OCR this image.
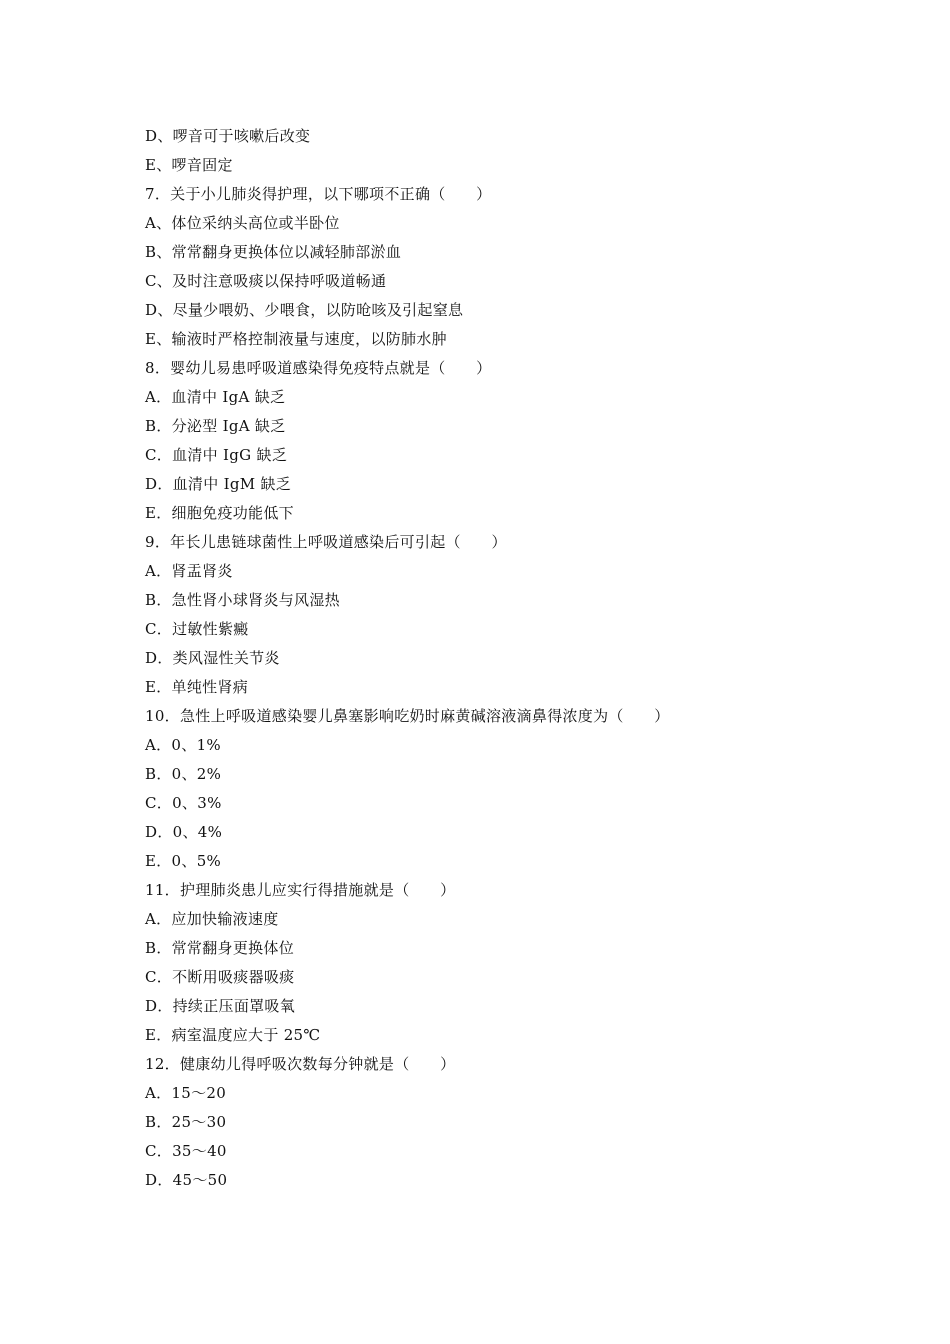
D、啰音可于咳嗽后改变
E、啰音固定
7．关于小儿肺炎得护理，以下哪项不正确（　　）
A、体位采纳头高位或半卧位
B、常常翻身更换体位以减轻肺部淤血
C、及时注意吸痰以保持呼吸道畅通
D、尽量少喂奶、少喂食，以防呛咳及引起窒息
E、输液时严格控制液量与速度，以防肺水肿
8．婴幼儿易患呼吸道感染得免疫特点就是（　　）
A．血清中 IgA 缺乏
B．分泌型 IgA 缺乏
C．血清中 IgG 缺乏
D．血清中 IgM 缺乏
E．细胞免疫功能低下
9．年长儿患链球菌性上呼吸道感染后可引起（　　）
A．肾盂肾炎
B．急性肾小球肾炎与风湿热
C．过敏性紫癜
D．类风湿性关节炎
E．单纯性肾病
10．急性上呼吸道感染婴儿鼻塞影响吃奶时麻黄碱溶液滴鼻得浓度为（　　）
A．0、1%
B．0、2%
C．0、3%
D．0、4%
E．0、5%
11．护理肺炎患儿应实行得措施就是（　　）
A．应加快输液速度
B．常常翻身更换体位
C．不断用吸痰器吸痰
D．持续正压面罩吸氧
E．病室温度应大于 25℃
12．健康幼儿得呼吸次数每分钟就是（　　）
A．15～20
B．25～30
C．35～40
D．45～50
